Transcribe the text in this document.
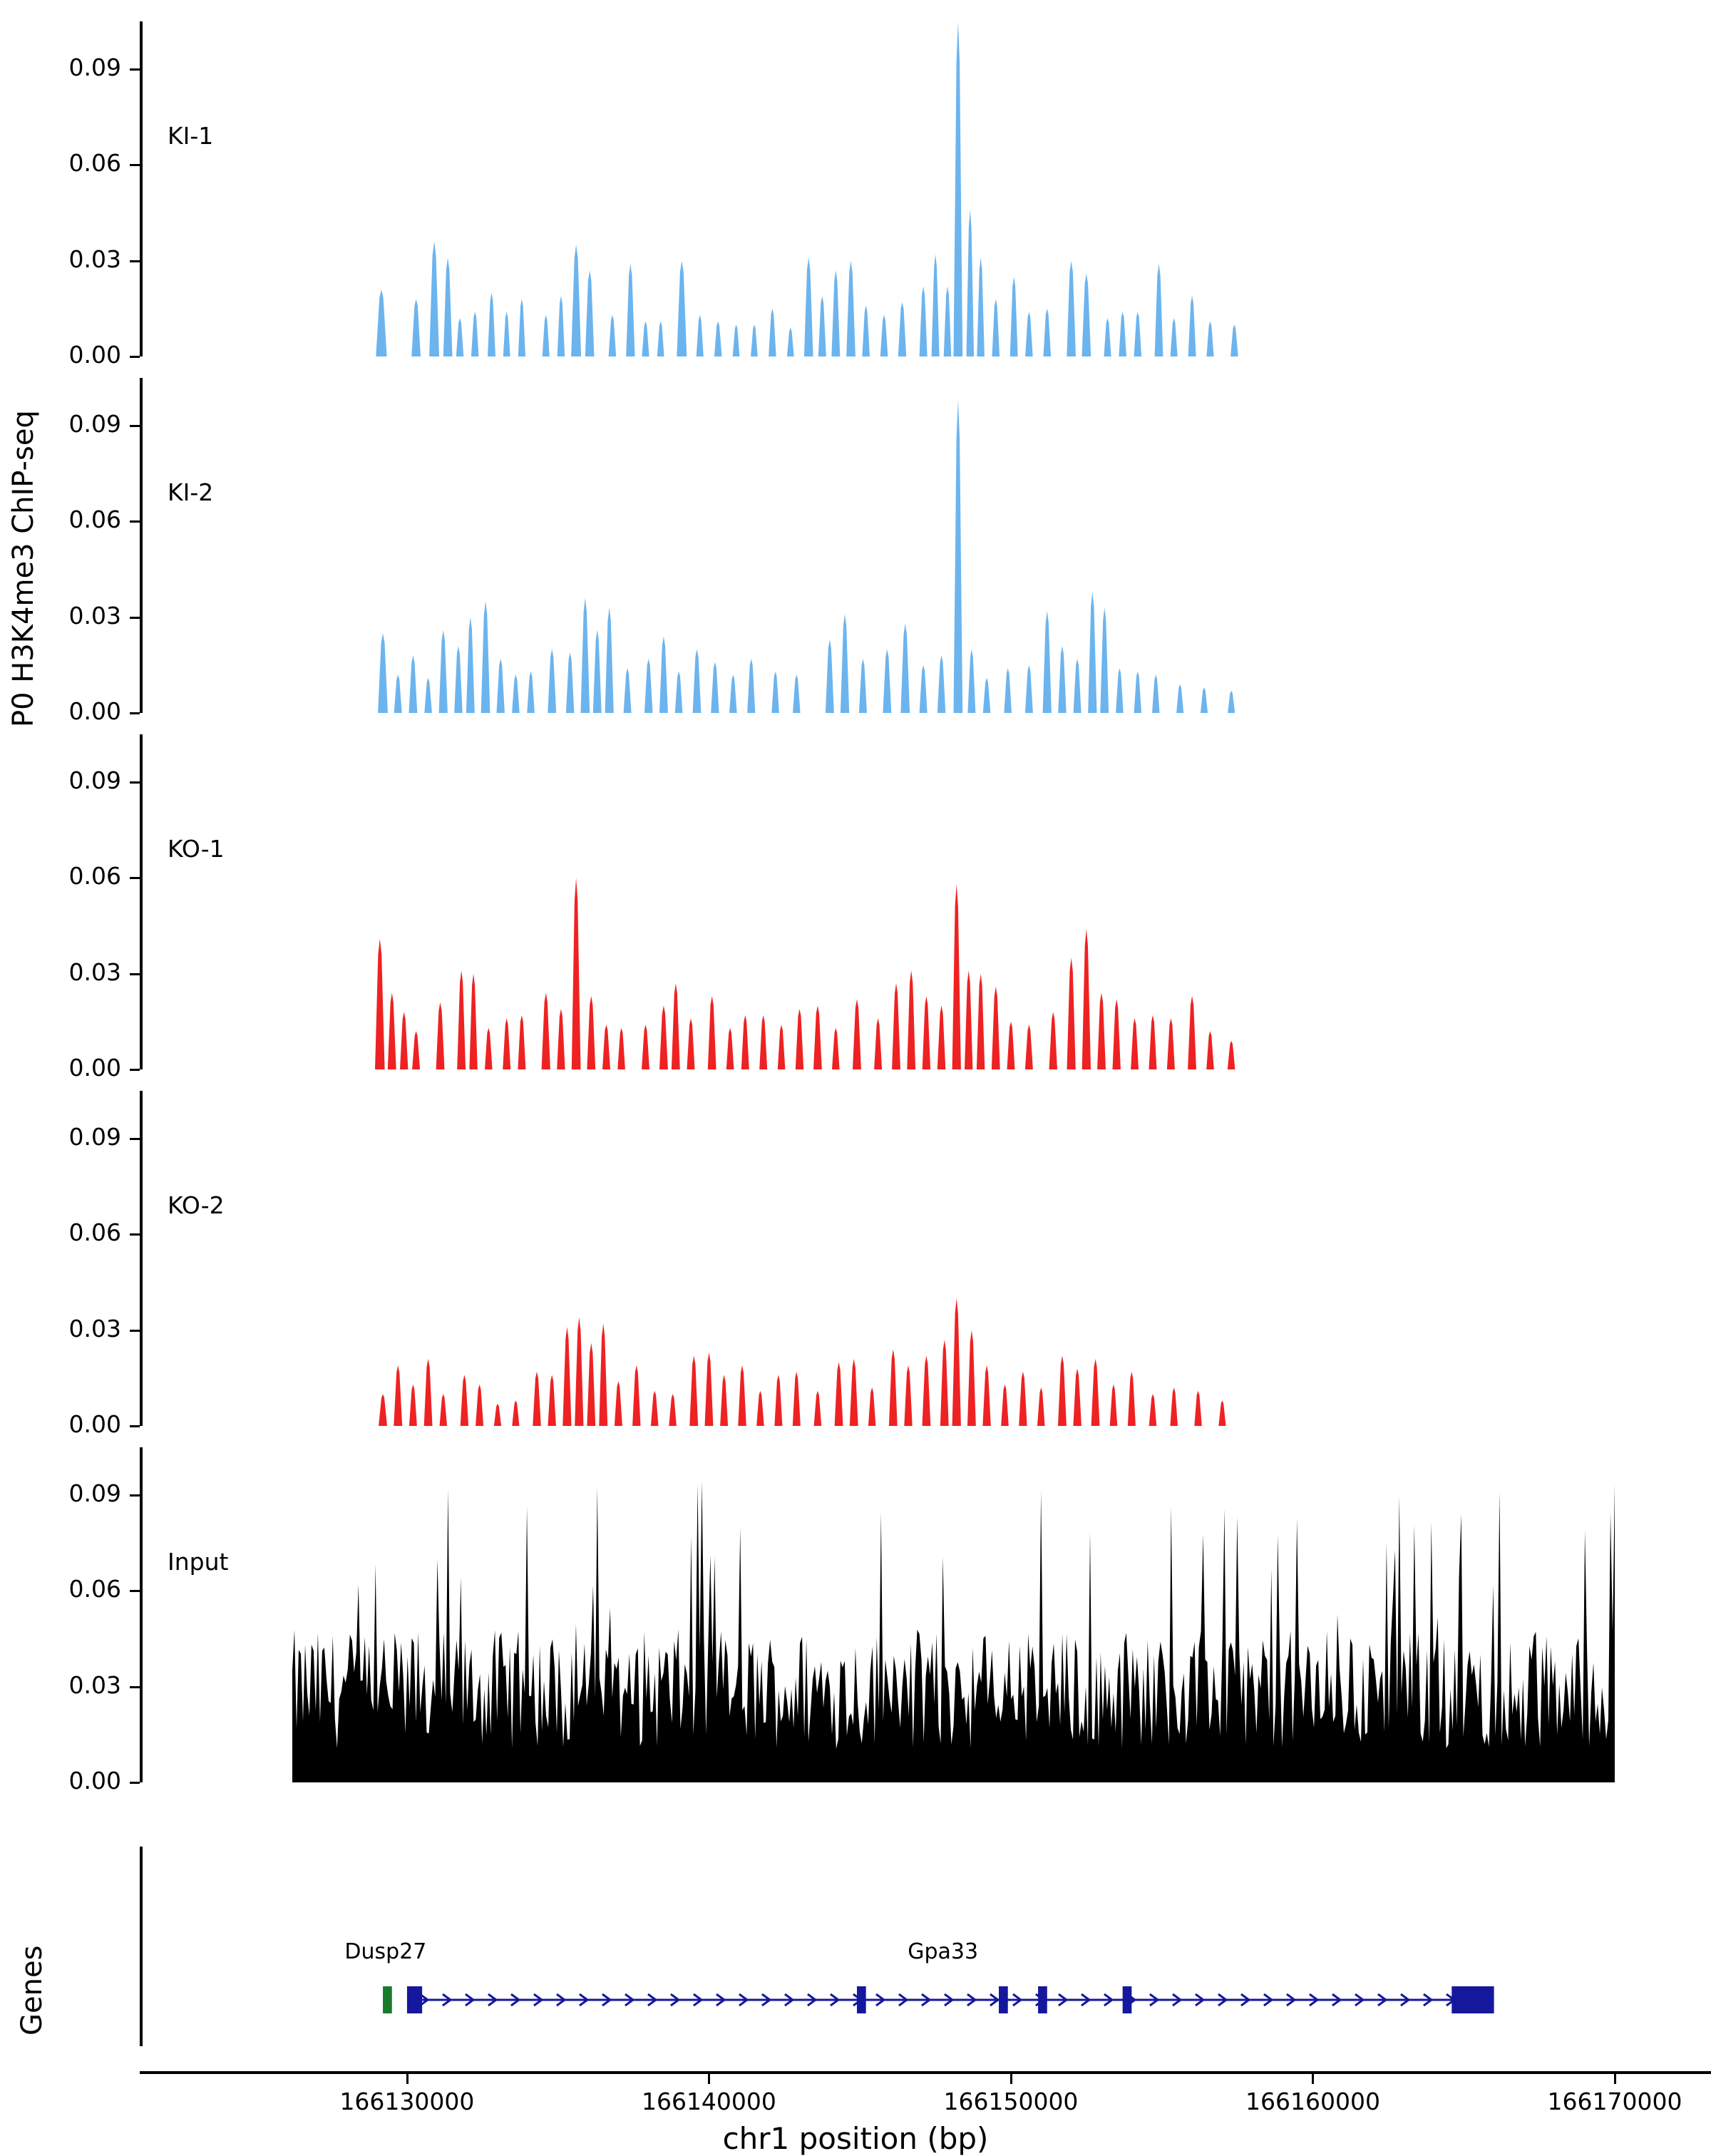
P0 H3K4me3 ChIP-seq
Genes
0.00
0.03
0.06
0.09
KI-1
0.00
0.03
0.06
0.09
KI-2
0.00
0.03
0.06
0.09
KO-1
0.00
0.03
0.06
0.09
KO-2
0.00
0.03
0.06
0.09
Input
166130000	166140000	166150000	166160000	166170000
chr1 position (bp)
Dusp27	Gpa33
